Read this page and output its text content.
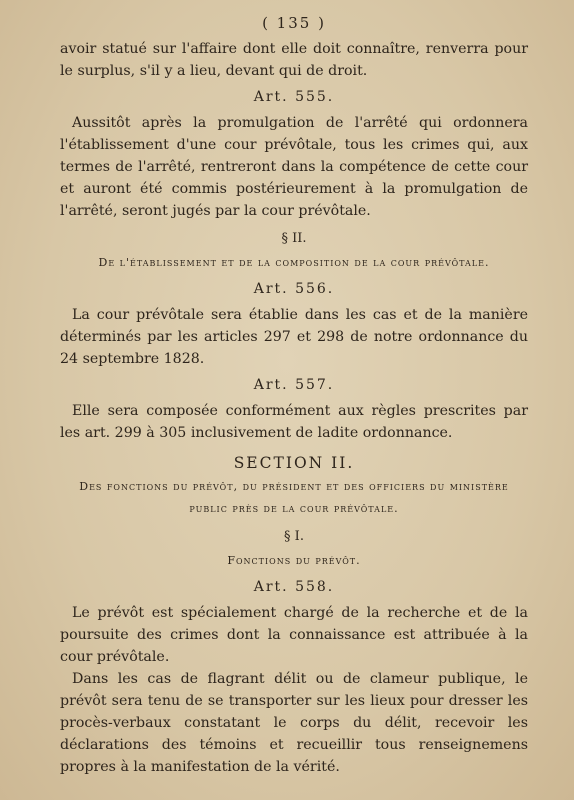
( 135 )

avoir statué sur l'affaire dont elle doit connaître, renverra pour le surplus, s'il y a lieu, devant qui de droit.

Art. 555.

Aussitôt après la promulgation de l'arrêté qui ordonnera l'établissement d'une cour prévôtale, tous les crimes qui, aux termes de l'arrêté, rentreront dans la compétence de cette cour et auront été commis postérieurement à la promulgation de l'arrêté, seront jugés par la cour prévôtale.

§ II.
De l'établissement et de la composition de la cour prévôtale.
Art. 556.

La cour prévôtale sera établie dans les cas et de la manière déterminés par les articles 297 et 298 de notre ordonnance du 24 septembre 1828.

Art. 557.

Elle sera composée conformément aux règles prescrites par les art. 299 à 305 inclusivement de ladite ordonnance.

SECTION II.
Des fonctions du prévôt, du président et des officiers du ministère public près de la cour prévôtale.
§ I.
Fonctions du prévôt.
Art. 558.

Le prévôt est spécialement chargé de la recherche et de la poursuite des crimes dont la connaissance est attribuée à la cour prévôtale.

Dans les cas de flagrant délit ou de clameur publique, le prévôt sera tenu de se transporter sur les lieux pour dresser les procès-verbaux constatant le corps du délit, recevoir les déclarations des témoins et recueillir tous renseignemens propres à la manifestation de la vérité.
